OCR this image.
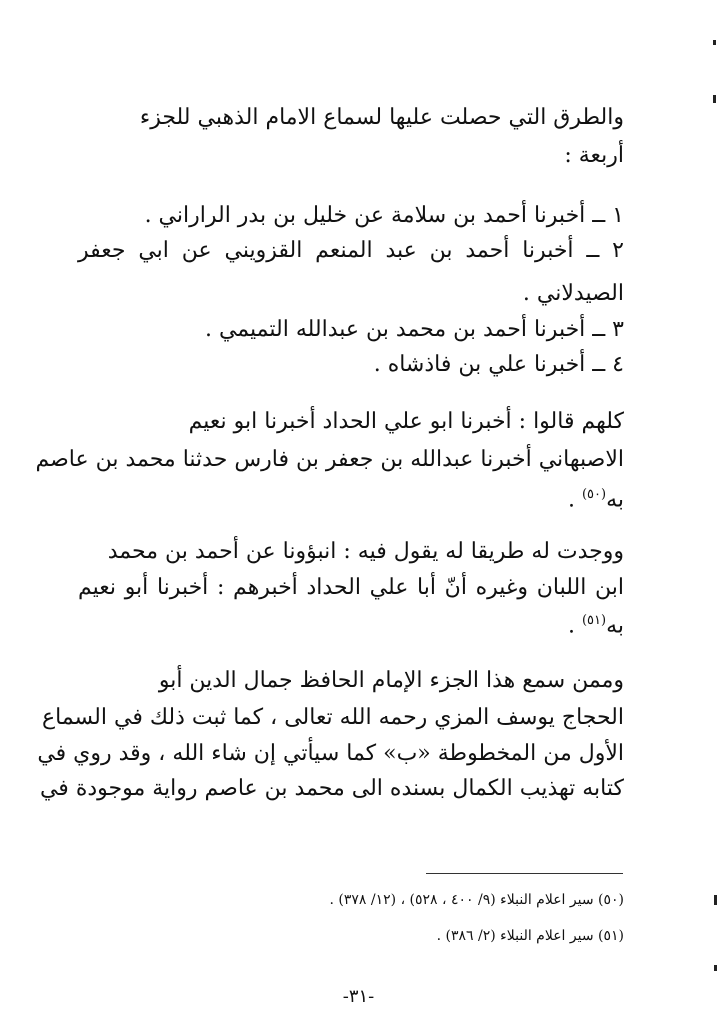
والطرق التي حصلت عليها لسماع الامام الذهبي للجزء
أربعة :
١ ــ أخبرنا أحمد بن سلامة عن خليل بن بدر الراراني .
٢ ــ أخبرنا أحمد بن عبد المنعم القزويني عن ابي جعفر
الصيدلاني .
٣ ــ أخبرنا أحمد بن محمد بن عبدالله التميمي .
٤ ــ أخبرنا علي بن فاذشاه .
كلهم قالوا : أخبرنا ابو علي الحداد أخبرنا ابو نعيم
الاصبهاني أخبرنا عبدالله بن جعفر بن فارس حدثنا محمد بن عاصم
به$^{(٥٠)}$ .
ووجدت له طريقا له يقول فيه : انبؤونا عن أحمد بن محمد
ابن اللبان وغيره أنّ أبا علي الحداد أخبرهم : أخبرنا أبو نعيم
به$^{(٥١)}$ .
وممن سمع هذا الجزء الإمام الحافظ جمال الدين أبو
الحجاج يوسف المزي رحمه الله تعالى ، كما ثبت ذلك في السماع
الأول من المخطوطة «ب» كما سيأتي إن شاء الله ، وقد روي في
كتابه تهذيب الكمال بسنده الى محمد بن عاصم رواية موجودة في
(٥٠) سير اعلام النبلاء (٩/ ٤٠٠ ، ٥٢٨) ، (١٢/ ٣٧٨) .
(٥١) سير اعلام النبلاء (٢/ ٣٨٦) .
-٣١-
